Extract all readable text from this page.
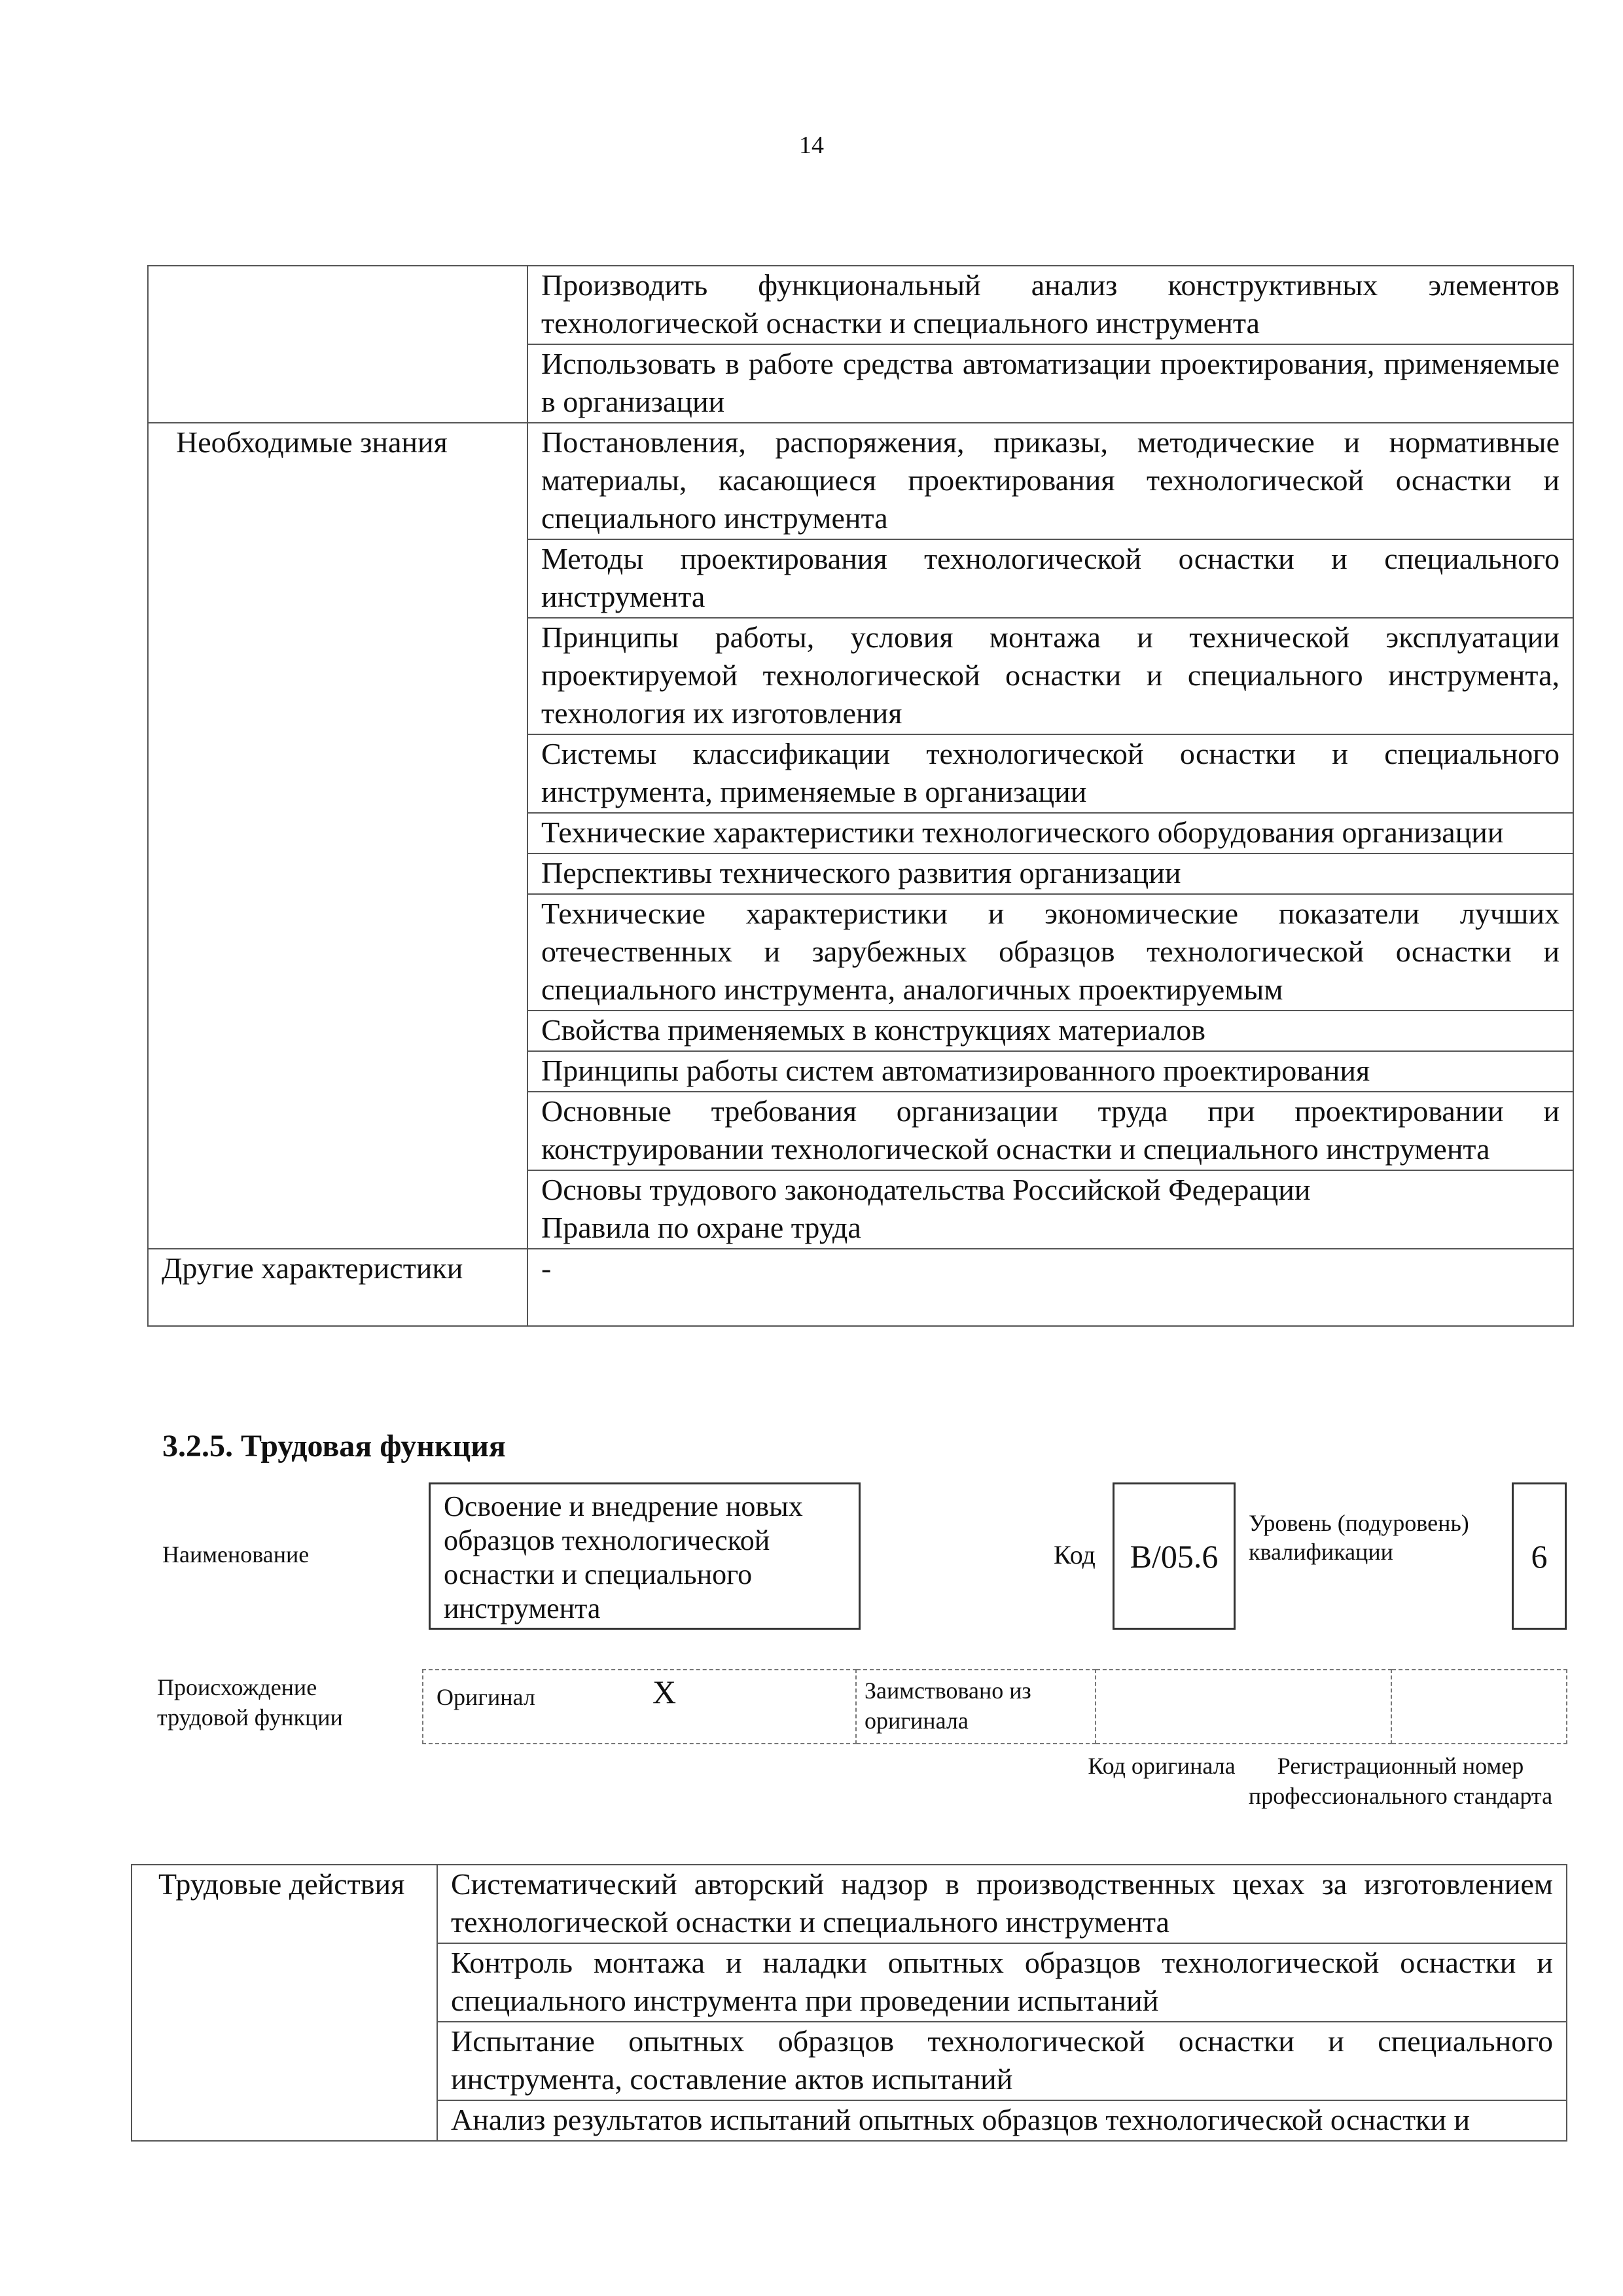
14
	Производить функциональный анализ конструктивных элементов технологической оснастки и специального инструмента
	Использовать в работе средства автоматизации проектирования, применяемые в организации
Необходимые знания	Постановления, распоряжения, приказы, методические и нормативные материалы, касающиеся проектирования технологической оснастки и специального инструмента
	Методы проектирования технологической оснастки и специального инструмента
	Принципы работы, условия монтажа и технической эксплуатации проектируемой технологической оснастки и специального инструмента, технология их изготовления
	Системы классификации технологической оснастки и специального инструмента, применяемые в организации
	Технические характеристики технологического оборудования организации
	Перспективы технического развития организации
	Технические характеристики и экономические показатели лучших отечественных и зарубежных образцов технологической оснастки и специального инструмента, аналогичных проектируемым
	Свойства применяемых в конструкциях материалов
	Принципы работы систем автоматизированного проектирования
	Основные требования организации труда при проектировании и конструировании технологической оснастки и специального инструмента

	Основы трудового законодательства Российской Федерации
Правила по охране труда

Другие характеристики	-
3.2.5. Трудовая функция
Наименование
Освоение и внедрение новых образцов технологической оснастки и специального инструмента
Код	В/05.6
Уровень (подуровень) квалификации	6
Происхождение трудовой функции
Оригинал	X	Заимствовано из оригинала		
Код оригинала	Регистрационный номер профессионального стандарта
Трудовые действия	Систематический авторский надзор в производственных цехах за изготовлением технологической оснастки и специального инструмента
Контроль монтажа и наладки опытных образцов технологической оснастки и специального инструмента при проведении испытаний
Испытание опытных образцов технологической оснастки и специального инструмента, составление актов испытаний
Анализ результатов испытаний опытных образцов технологической оснастки и
